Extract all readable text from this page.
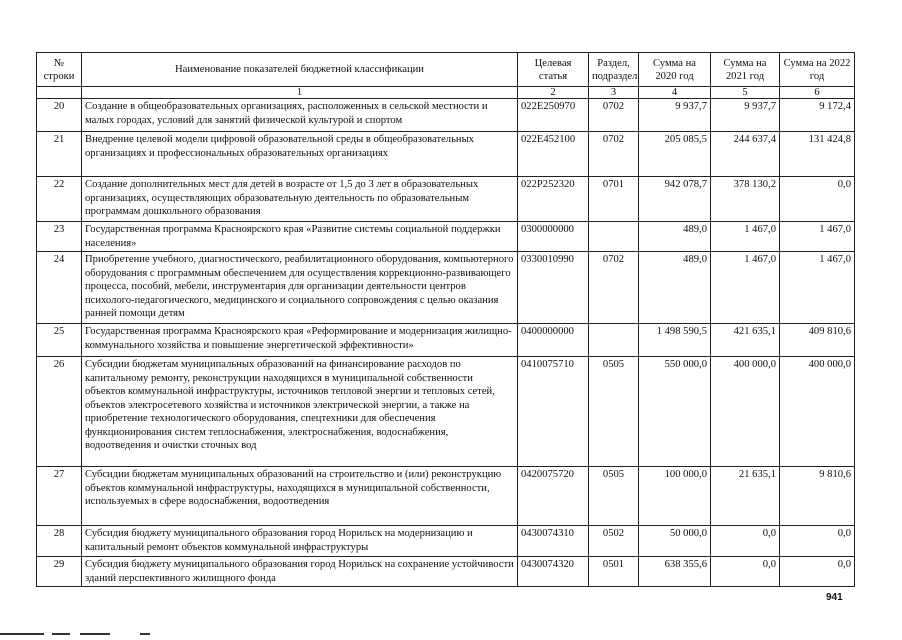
№ строки	Наименование показателей бюджетной классификации	Целевая статья	Раздел, подраздел	Сумма на 2020 год	Сумма на 2021 год	Сумма на 2022 год
	1	2	3	4	5	6
20	Создание в общеобразовательных организациях, расположенных в сельской местности и малых городах, условий для занятий физической культурой и спортом	022E250970	0702	9 937,7	9 937,7	9 172,4
21	Внедрение целевой модели цифровой образовательной среды в общеобразовательных организациях и профессиональных образовательных организациях	022E452100	0702	205 085,5	244 637,4	131 424,8
22	Создание дополнительных мест для детей в возрасте от 1,5 до 3 лет в образовательных организациях, осуществляющих образовательную деятельность по образовательным программам дошкольного образования	022P252320	0701	942 078,7	378 130,2	0,0
23	Государственная программа Красноярского края «Развитие системы социальной поддержки населения»	0300000000		489,0	1 467,0	1 467,0
24	Приобретение учебного, диагностического, реабилитационного оборудования, компьютерного оборудования с программным обеспечением для осуществления коррекционно-развивающего процесса, пособий, мебели, инструментария для организации деятельности центров психолого-педагогического, медицинского и социального сопровождения с целью оказания ранней помощи детям	0330010990	0702	489,0	1 467,0	1 467,0
25	Государственная программа Красноярского края «Реформирование и модернизация жилищно-коммунального хозяйства и повышение энергетической эффективности»	0400000000		1 498 590,5	421 635,1	409 810,6
26	Субсидии бюджетам муниципальных образований на финансирование расходов по капитальному ремонту, реконструкции находящихся в муниципальной собственности объектов коммунальной инфраструктуры, источников тепловой энергии и тепловых сетей, объектов электросетевого хозяйства и источников электрической энергии, а также на приобретение технологического оборудования, спецтехники для обеспечения функционирования систем теплоснабжения, электроснабжения, водоснабжения, водоотведения и очистки сточных вод	0410075710	0505	550 000,0	400 000,0	400 000,0
27	Субсидии бюджетам муниципальных образований на строительство и (или) реконструкцию объектов коммунальной инфраструктуры, находящихся в муниципальной собственности, используемых в сфере водоснабжения, водоотведения	0420075720	0505	100 000,0	21 635,1	9 810,6
28	Субсидия бюджету муниципального образования город Норильск на модернизацию и капитальный ремонт объектов коммунальной инфраструктуры	0430074310	0502	50 000,0	0,0	0,0
29	Субсидия бюджету муниципального образования город Норильск на сохранение устойчивости зданий перспективного жилищного фонда	0430074320	0501	638 355,6	0,0	0,0
941
